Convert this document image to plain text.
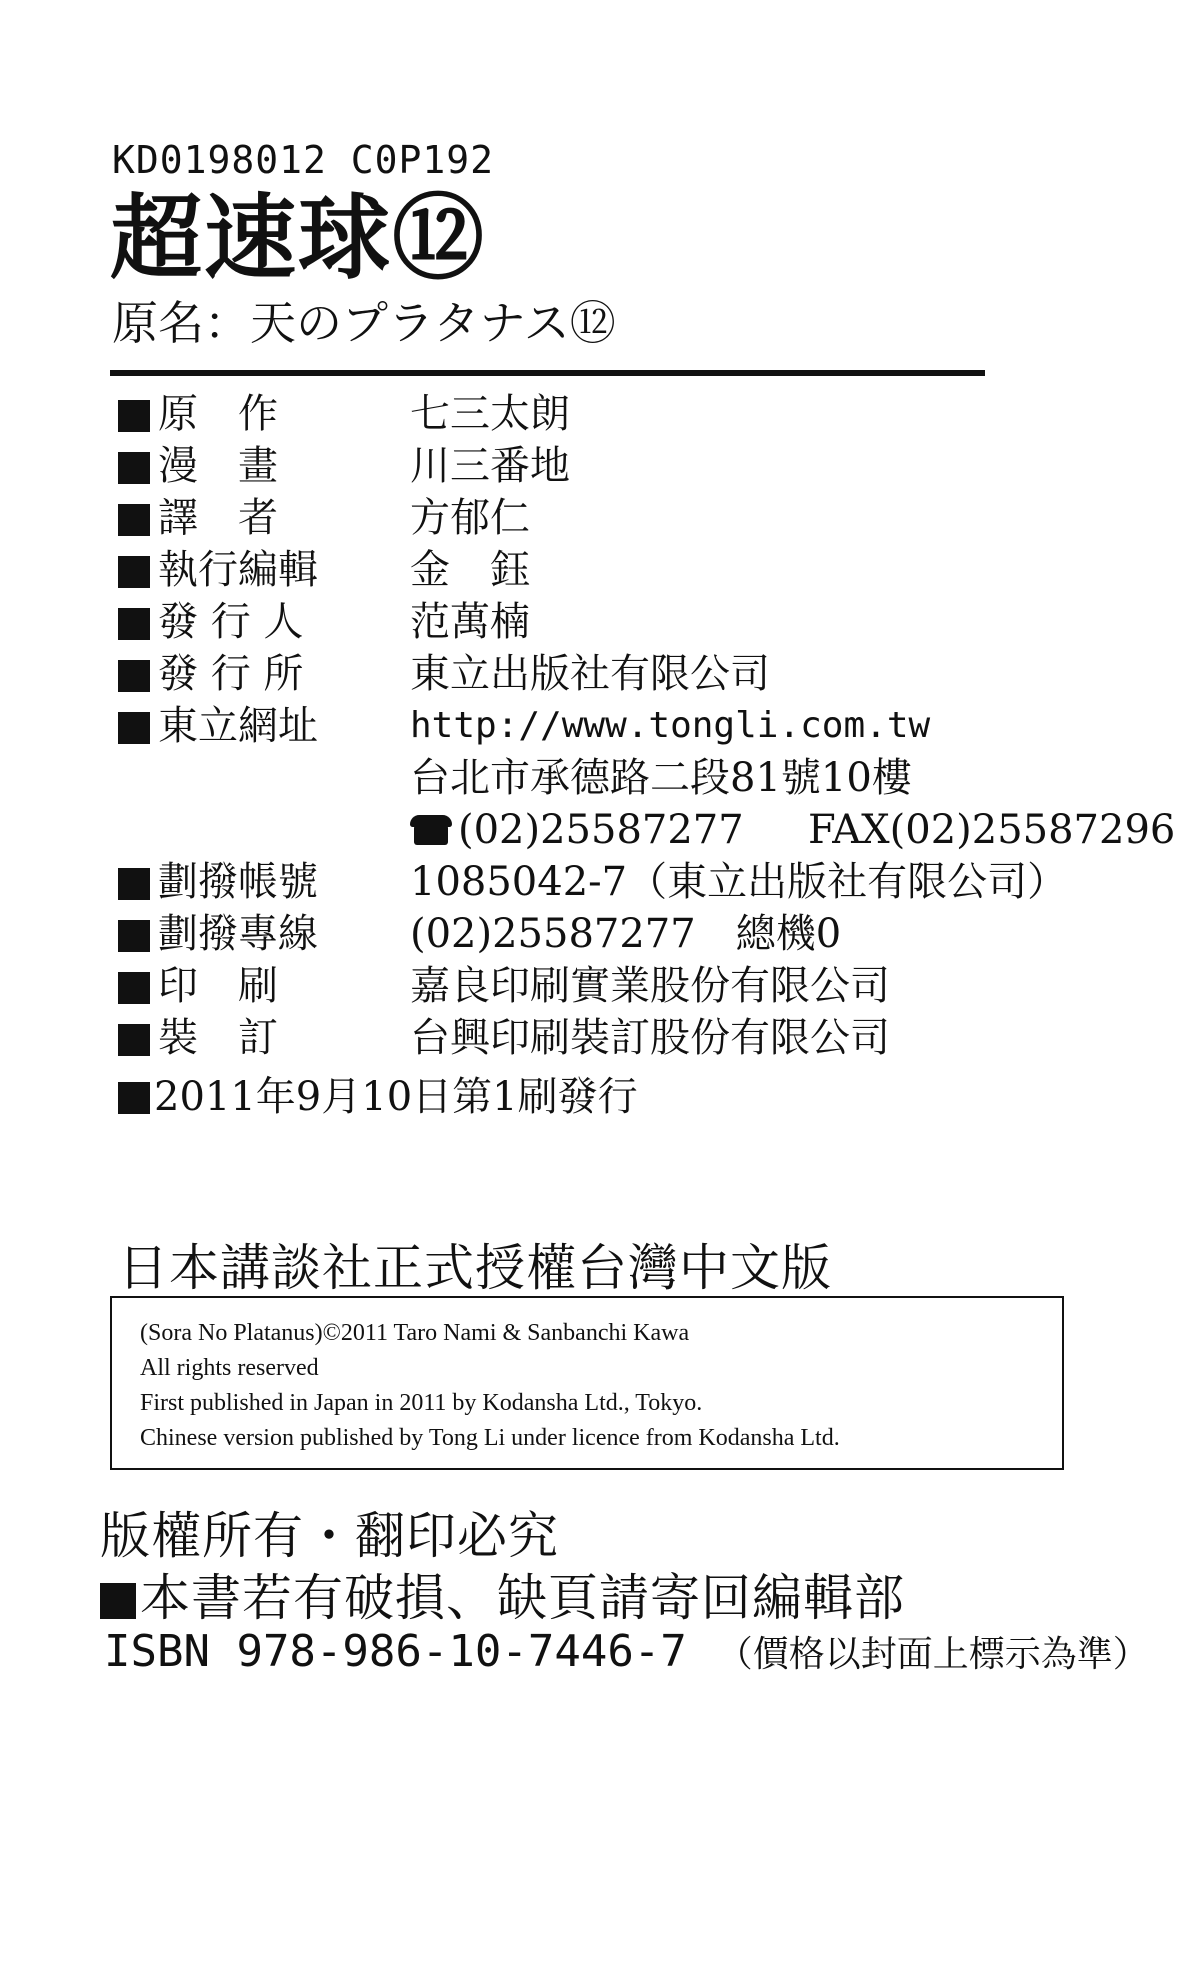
KD0198012 C0P192
超速球⑫
原名：天のプラタナス⑫
原　作	七三太朗
漫　畫	川三番地
譯　者	方郁仁
執行編輯	金　鈺
發 行 人	范萬楠
發 行 所	東立出版社有限公司
東立網址	http://www.tongli.com.tw
台北市承德路二段81號10樓
(02)25587277 FAX(02)25587296
劃撥帳號	1085042-7（東立出版社有限公司）
劃撥專線	(02)25587277　總機0
印　刷	嘉良印刷實業股份有限公司
裝　訂	台興印刷裝訂股份有限公司
2011年9月10日第1刷發行
日本講談社正式授權台灣中文版
(Sora No Platanus)©2011 Taro Nami & Sanbanchi Kawa
All rights reserved
First published in Japan in 2011 by Kodansha Ltd., Tokyo.
Chinese version published by Tong Li under licence from Kodansha Ltd.
版權所有・翻印必究
本書若有破損、缺頁請寄回編輯部
ISBN 978-986-10-7446-7 （價格以封面上標示為準）
